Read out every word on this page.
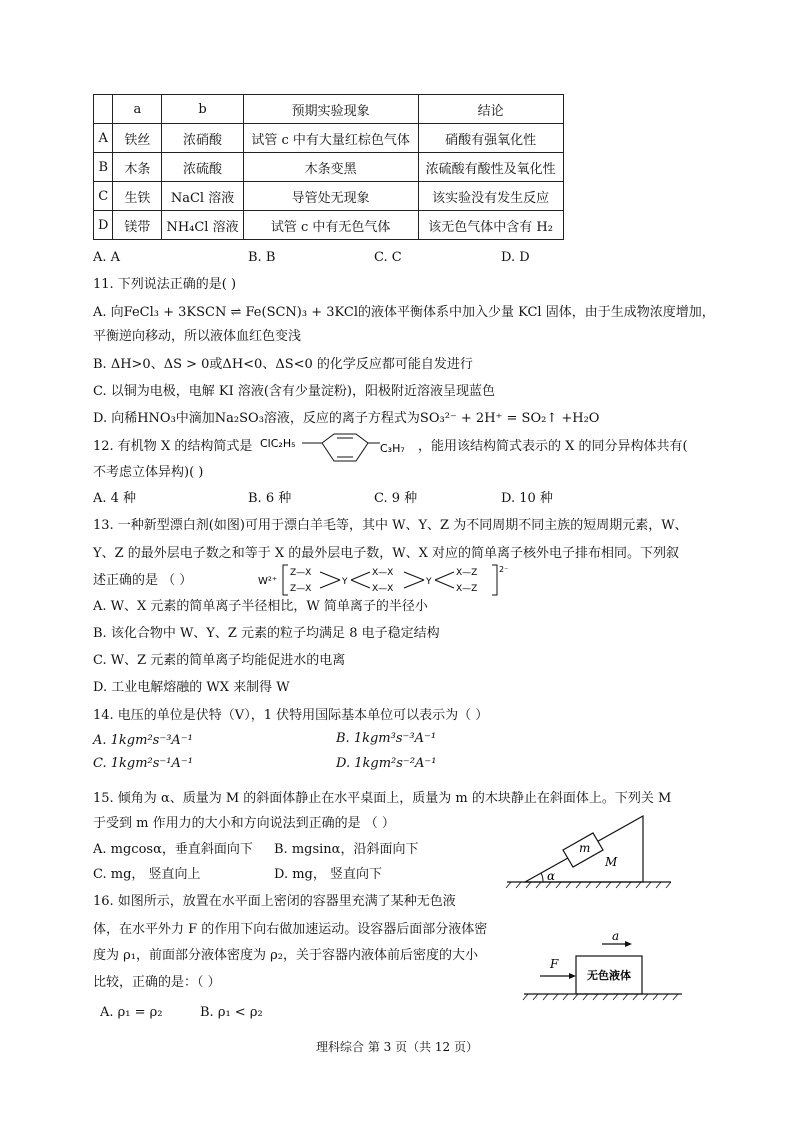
	a	b	预期实验现象	结论
A	铁丝	浓硝酸	试管 c 中有大量红棕色气体	硝酸有强氧化性
B	木条	浓硫酸	木条变黑	浓硫酸有酸性及氧化性
C	生铁	NaCl 溶液	导管处无现象	该实验没有发生反应
D	镁带	NH₄Cl 溶液	试管 c 中有无色气体	该无色气体中含有 H₂
A. A	B. B	C. C	D. D
11. 下列说法正确的是( )
A. 向FeCl₃ + 3KSCN ⇌ Fe(SCN)₃ + 3KCl的液体平衡体系中加入少量 KCl 固体，由于生成物浓度增加，
平衡逆向移动，所以液体血红色变浅
B. ΔH>0、ΔS > 0或ΔH<0、ΔS<0 的化学反应都可能自发进行
C. 以铜为电极，电解 KI 溶液(含有少量淀粉)，阳极附近溶液呈现蓝色
D. 向稀HNO₃中滴加Na₂SO₃溶液，反应的离子方程式为SO₃²⁻ + 2H⁺ = SO₂↑ +H₂O
12. 有机物 X 的结构简式是 ClC₂H₅	C₃H₇ ，能用该结构简式表示的 X 的同分异构体共有(
不考虑立体异构)( )
A. 4 种	B. 6 种	C. 9 种	D. 10 种
13. 一种新型漂白剂(如图)可用于漂白羊毛等，其中 W、Y、Z 为不同周期不同主族的短周期元素，W、
Y、Z 的最外层电子数之和等于 X 的最外层电子数，W、X 对应的简单离子核外电子排布相同。下列叙
述正确的是 （ ）	W²⁺
Z—X
Z—X
Y
X—X
X—X
Y
X—Z
X—Z
2⁻
A. W、X 元素的简单离子半径相比，W 简单离子的半径小
B. 该化合物中 W、Y、Z 元素的粒子均满足 8 电子稳定结构
C. W、Z 元素的简单离子均能促进水的电离
D. 工业电解熔融的 WX 来制得 W
14. 电压的单位是伏特（V），1 伏特用国际基本单位可以表示为（ ）
A. 1kgm²s⁻³A⁻¹	B. 1kgm³s⁻³A⁻¹
C. 1kgm²s⁻¹A⁻¹	D. 1kgm²s⁻²A⁻¹
15. 倾角为 α、质量为 M 的斜面体静止在水平桌面上，质量为 m 的木块静止在斜面体上。下列关 M
于受到 m 作用力的大小和方向说法到正确的是 （ ）
A. mgcosα，垂直斜面向下 B. mgsinα，沿斜面向下
C. mg， 竖直向上	D. mg， 竖直向下
m
M
α
16. 如图所示，放置在水平面上密闭的容器里充满了某种无色液
体，在水平外力 F 的作用下向右做加速运动。设容器后面部分液体密
度为 ρ₁，前面部分液体密度为 ρ₂，关于容器内液体前后密度的大小
比较，正确的是：（ ）
A. ρ₁ = ρ₂	B. ρ₁ < ρ₂
a
F
无色液体
理科综合 第 3 页（共 12 页）
